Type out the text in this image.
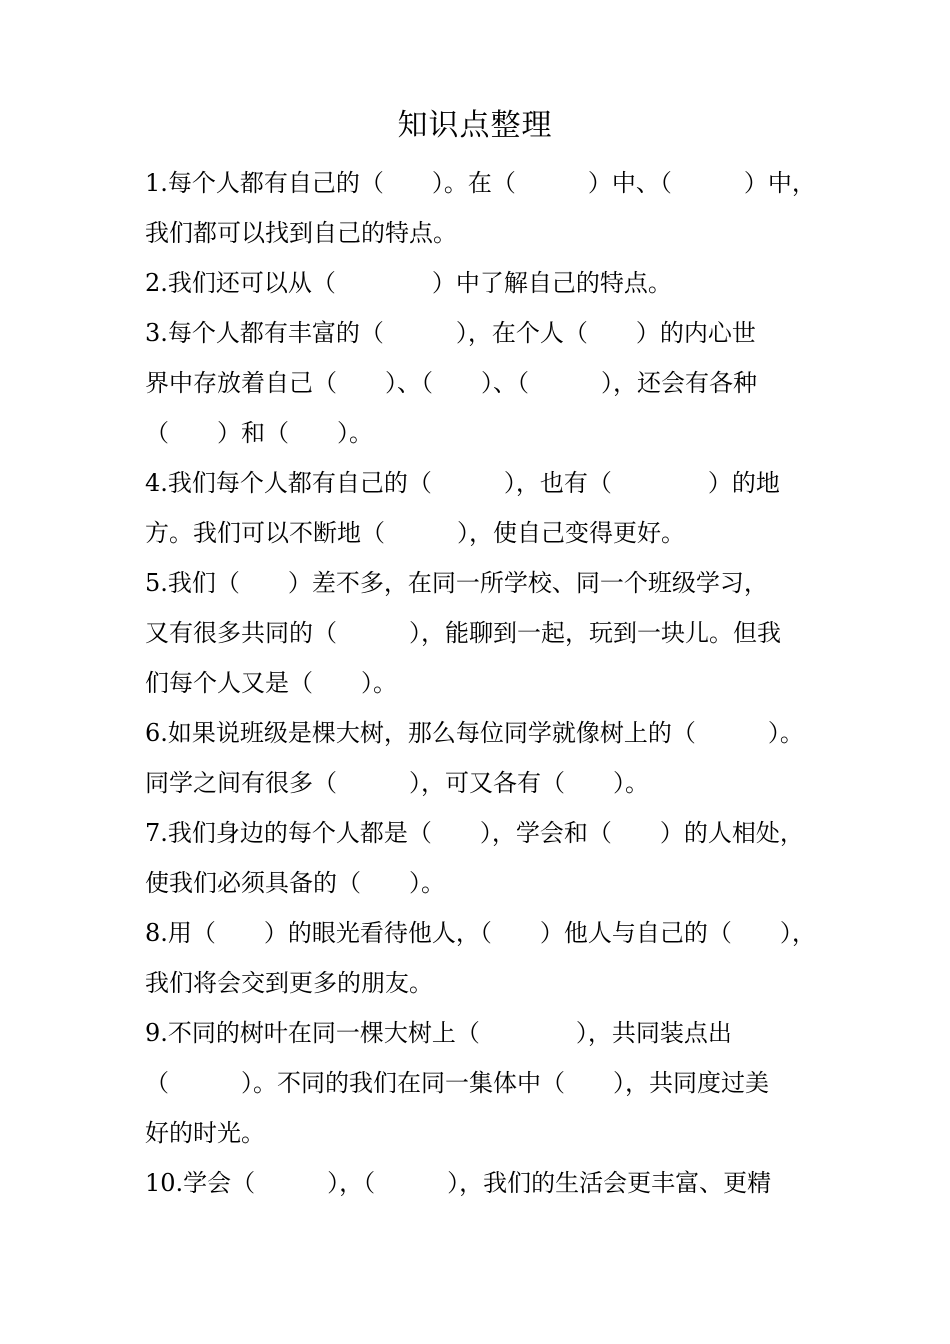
知识点整理
1.每个人都有自己的（　　）。在（　　　）中、（　　　）中，
我们都可以找到自己的特点。
2.我们还可以从（　　　　）中了解自己的特点。
3.每个人都有丰富的（　　　），在个人（　　）的内心世
界中存放着自己（　　）、（　　）、（　　　），还会有各种
（　　）和（　　）。
4.我们每个人都有自己的（　　　），也有（　　　　）的地
方。我们可以不断地（　　　），使自己变得更好。
5.我们（　　）差不多，在同一所学校、同一个班级学习，
又有很多共同的（　　　），能聊到一起，玩到一块儿。但我
们每个人又是（　　）。
6.如果说班级是棵大树，那么每位同学就像树上的（　　　）。
同学之间有很多（　　　），可又各有（　　）。
7.我们身边的每个人都是（　　），学会和（　　）的人相处，
使我们必须具备的（　　）。
8.用（　　）的眼光看待他人，（　　）他人与自己的（　　），
我们将会交到更多的朋友。
9.不同的树叶在同一棵大树上（　　　　），共同装点出
（　　　）。不同的我们在同一集体中（　　），共同度过美
好的时光。
10.学会（　　　），（　　　），我们的生活会更丰富、更精
